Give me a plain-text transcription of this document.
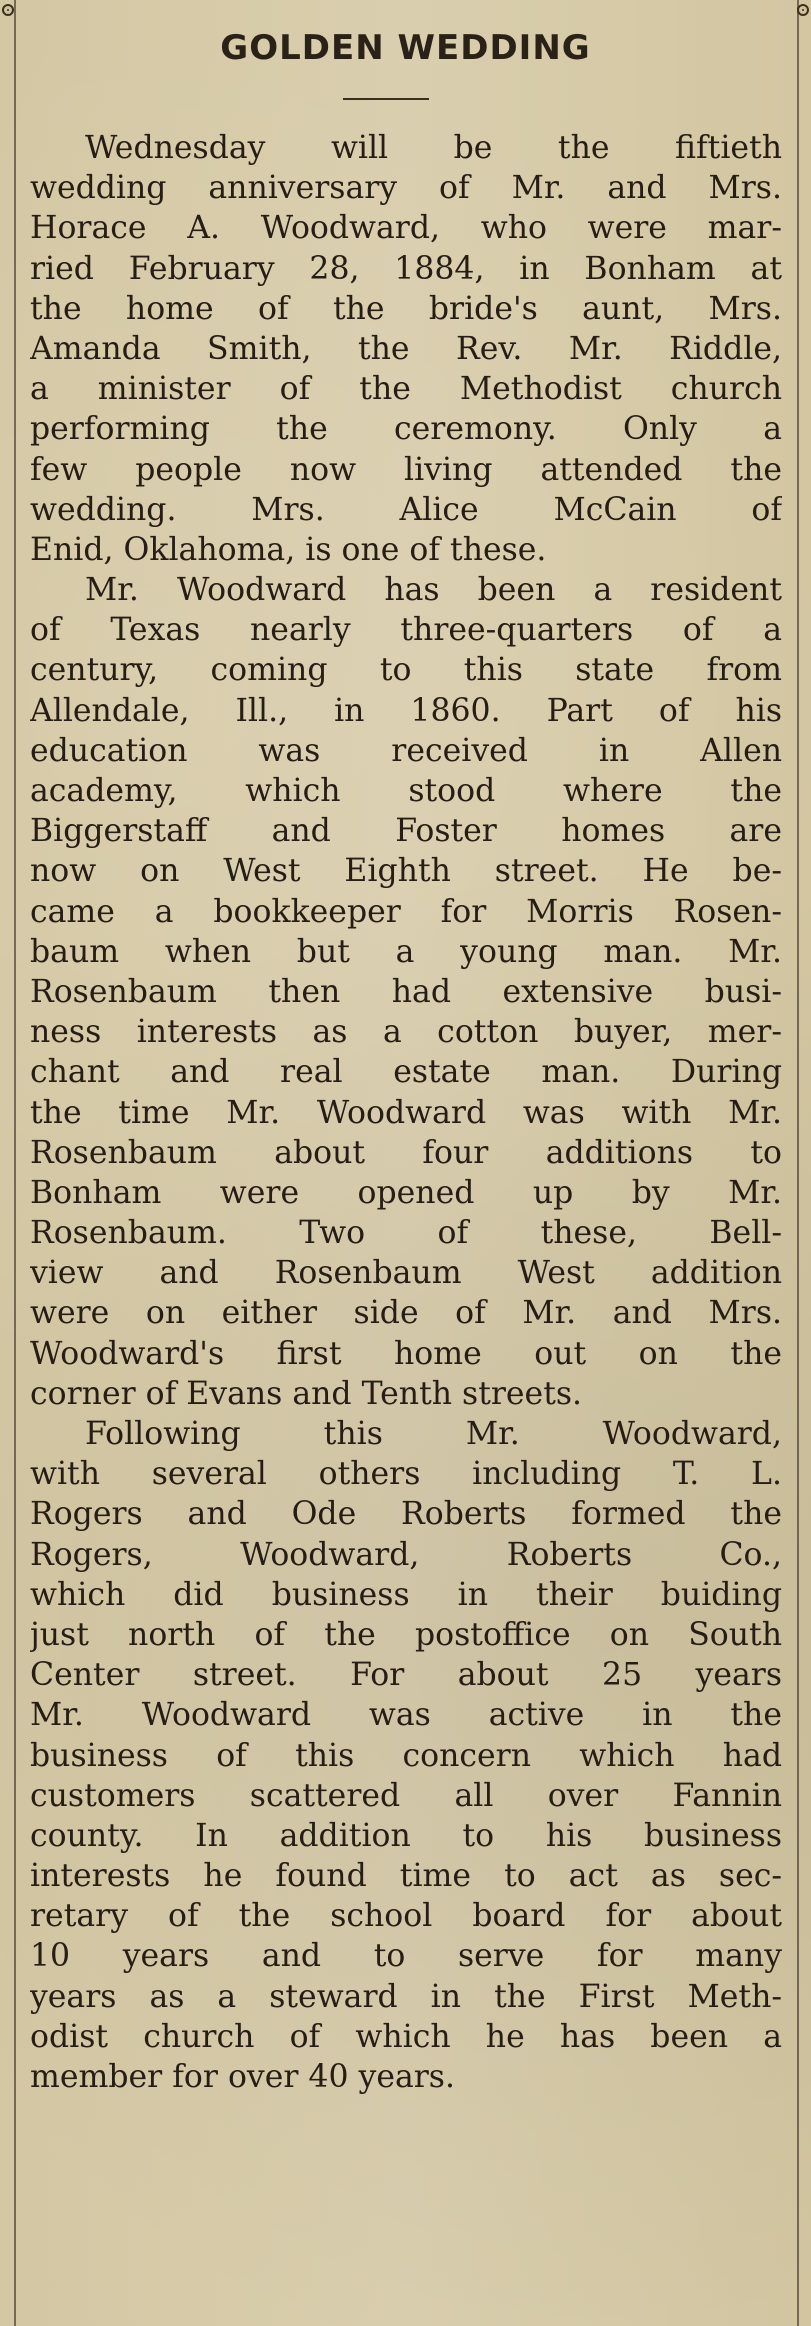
GOLDEN WEDDING
Wednesday will be the fiftieth
wedding anniversary of Mr. and Mrs.
Horace A. Woodward, who were mar-
ried February 28, 1884, in Bonham at
the home of the bride's aunt, Mrs.
Amanda Smith, the Rev. Mr. Riddle,
a minister of the Methodist church
performing the ceremony. Only a
few people now living attended the
wedding. Mrs. Alice McCain of
Enid, Oklahoma, is one of these.
Mr. Woodward has been a resident
of Texas nearly three-quarters of a
century, coming to this state from
Allendale, Ill., in 1860. Part of his
education was received in Allen
academy, which stood where the
Biggerstaff and Foster homes are
now on West Eighth street. He be-
came a bookkeeper for Morris Rosen-
baum when but a young man. Mr.
Rosenbaum then had extensive busi-
ness interests as a cotton buyer, mer-
chant and real estate man. During
the time Mr. Woodward was with Mr.
Rosenbaum about four additions to
Bonham were opened up by Mr.
Rosenbaum. Two of these, Bell-
view and Rosenbaum West addition
were on either side of Mr. and Mrs.
Woodward's first home out on the
corner of Evans and Tenth streets.
Following this Mr. Woodward,
with several others including T. L.
Rogers and Ode Roberts formed the
Rogers, Woodward, Roberts Co.,
which did business in their buiding
just north of the postoffice on South
Center street. For about 25 years
Mr. Woodward was active in the
business of this concern which had
customers scattered all over Fannin
county. In addition to his business
interests he found time to act as sec-
retary of the school board for about
10 years and to serve for many
years as a steward in the First Meth-
odist church of which he has been a
member for over 40 years.
